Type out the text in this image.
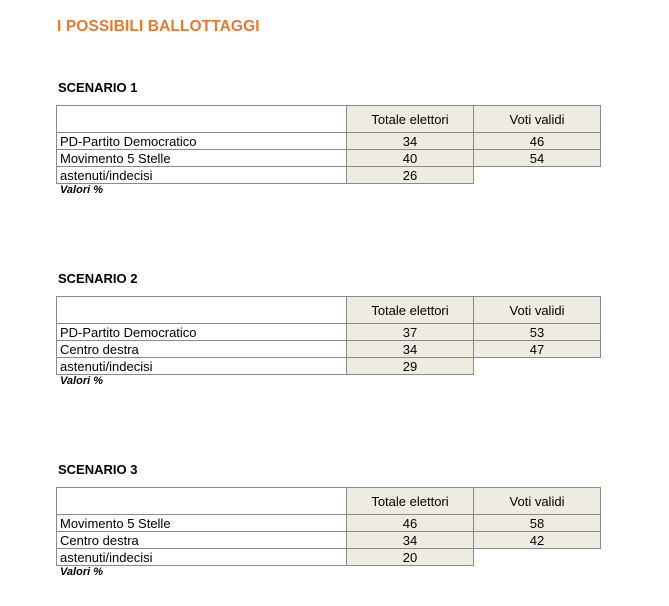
I POSSIBILI BALLOTTAGGI
SCENARIO 1
	Totale elettori	Voti validi
PD-Partito Democratico	34	46
Movimento 5 Stelle	40	54
astenuti/indecisi	26	
Valori %
SCENARIO 2
	Totale elettori	Voti validi
PD-Partito Democratico	37	53
Centro destra	34	47
astenuti/indecisi	29	
Valori %
SCENARIO 3
	Totale elettori	Voti validi
Movimento 5 Stelle	46	58
Centro destra	34	42
astenuti/indecisi	20	
Valori %
